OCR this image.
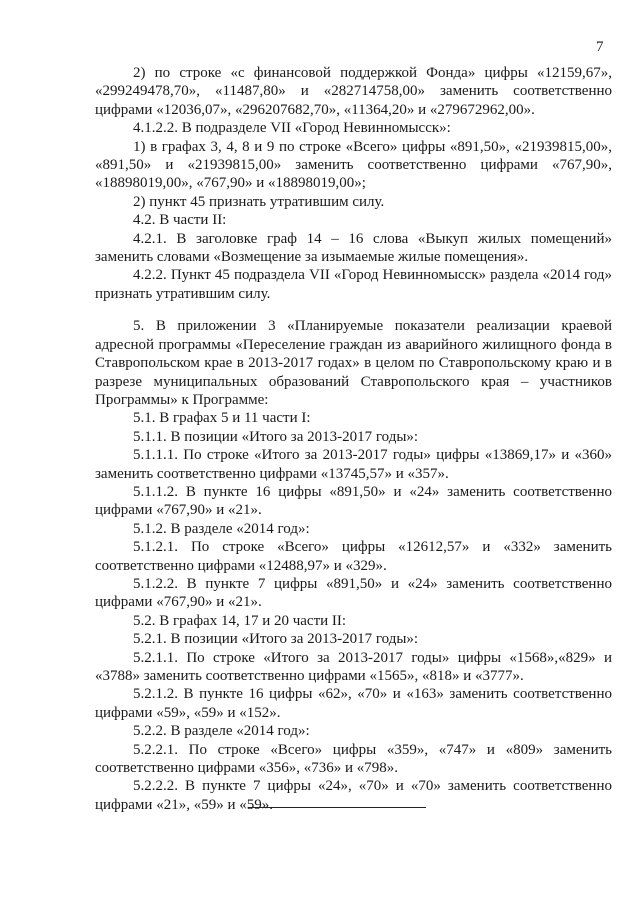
7

2) по строке «с финансовой поддержкой Фонда» цифры «12159,67», «299249478,70», «11487,80» и «282714758,00» заменить соответственно цифрами «12036,07», «296207682,70», «11364,20» и «279672962,00».

4.1.2.2. В подразделе VII «Город Невинномысск»:

1) в графах 3, 4, 8 и 9 по строке «Всего» цифры «891,50», «21939815,00», «891,50» и «21939815,00» заменить соответственно цифрами «767,90», «18898019,00», «767,90» и «18898019,00»;

2) пункт 45 признать утратившим силу.

4.2. В части II:

4.2.1. В заголовке граф 14 – 16 слова «Выкуп жилых помещений» заменить словами «Возмещение за изымаемые жилые помещения».

4.2.2. Пункт 45 подраздела VII «Город Невинномысск» раздела «2014 год» признать утратившим силу.

5. В приложении 3 «Планируемые показатели реализации краевой адресной программы «Переселение граждан из аварийного жилищного фонда в Ставропольском крае в 2013-2017 годах» в целом по Ставропольскому краю и в разрезе муниципальных образований Ставропольского края – участников Программы» к Программе:

5.1. В графах 5 и 11 части I:

5.1.1. В позиции «Итого за 2013-2017 годы»:

5.1.1.1. По строке «Итого за 2013-2017 годы» цифры «13869,17» и «360» заменить соответственно цифрами «13745,57» и «357».

5.1.1.2. В пункте 16 цифры «891,50» и «24» заменить соответственно цифрами «767,90» и «21».

5.1.2. В разделе «2014 год»:

5.1.2.1. По строке «Всего» цифры «12612,57» и «332» заменить соответственно цифрами «12488,97» и «329».

5.1.2.2. В пункте 7 цифры «891,50» и «24» заменить соответственно цифрами «767,90» и «21».

5.2. В графах 14, 17 и 20 части II:

5.2.1. В позиции «Итого за 2013-2017 годы»:

5.2.1.1. По строке «Итого за 2013-2017 годы» цифры «1568»,«829» и «3788» заменить соответственно цифрами «1565», «818» и «3777».

5.2.1.2. В пункте 16 цифры «62», «70» и «163» заменить соответственно цифрами «59», «59» и «152».

5.2.2. В разделе «2014 год»:

5.2.2.1. По строке «Всего» цифры «359», «747» и «809» заменить соответственно цифрами «356», «736» и «798».

5.2.2.2. В пункте 7 цифры «24», «70» и «70» заменить соответственно цифрами «21», «59» и «59».
